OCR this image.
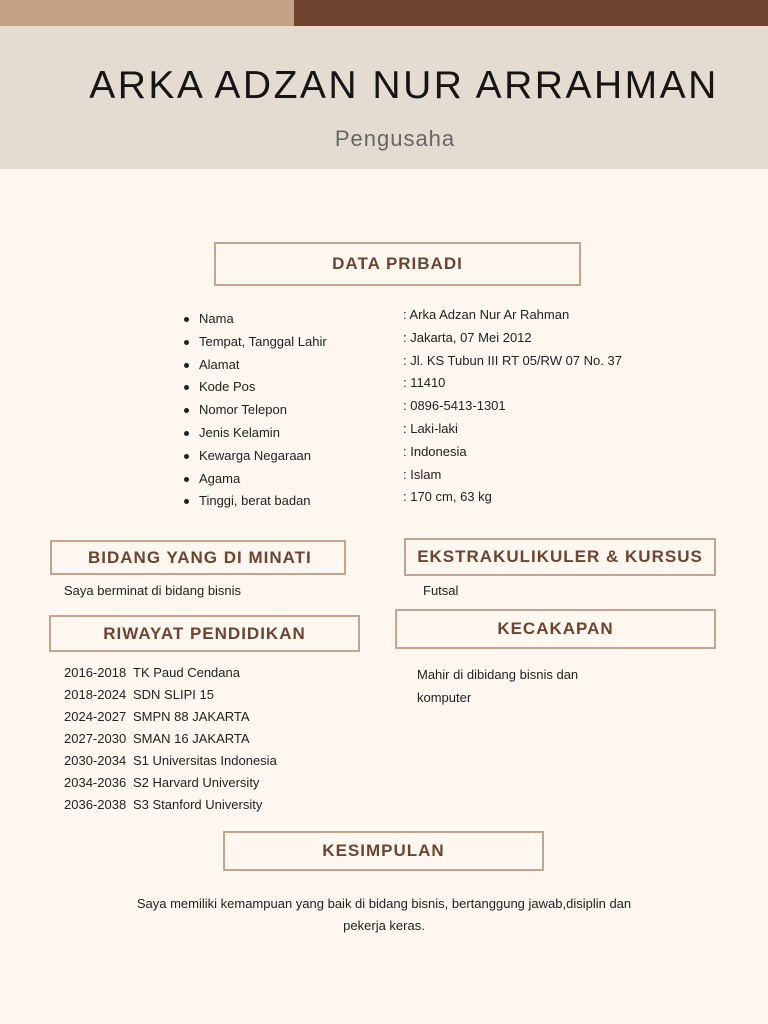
ARKA ADZAN NUR ARRAHMAN
Pengusaha
DATA PRIBADI
Nama
Tempat, Tanggal Lahir
Alamat
Kode Pos
Nomor Telepon
Jenis Kelamin
Kewarga Negaraan
Agama
Tinggi, berat badan
: Arka Adzan Nur Ar Rahman
: Jakarta, 07 Mei 2012
: Jl. KS Tubun III RT 05/RW 07 No. 37
: 11410
: 0896-5413-1301
: Laki-laki
: Indonesia
: Islam
: 170 cm, 63 kg
BIDANG YANG DI MINATI
Saya berminat di bidang bisnis
EKSTRAKULIKULER & KURSUS
Futsal
RIWAYAT PENDIDIKAN
2016-2018 TK Paud Cendana
2018-2024 SDN SLIPI 15
2024-2027 SMPN 88 JAKARTA
2027-2030 SMAN 16 JAKARTA
2030-2034 S1 Universitas Indonesia
2034-2036 S2 Harvard University
2036-2038 S3 Stanford University
KECAKAPAN
Mahir di dibidang bisnis dan
komputer
KESIMPULAN
Saya memiliki kemampuan yang baik di bidang bisnis, bertanggung jawab,disiplin dan
pekerja keras.
